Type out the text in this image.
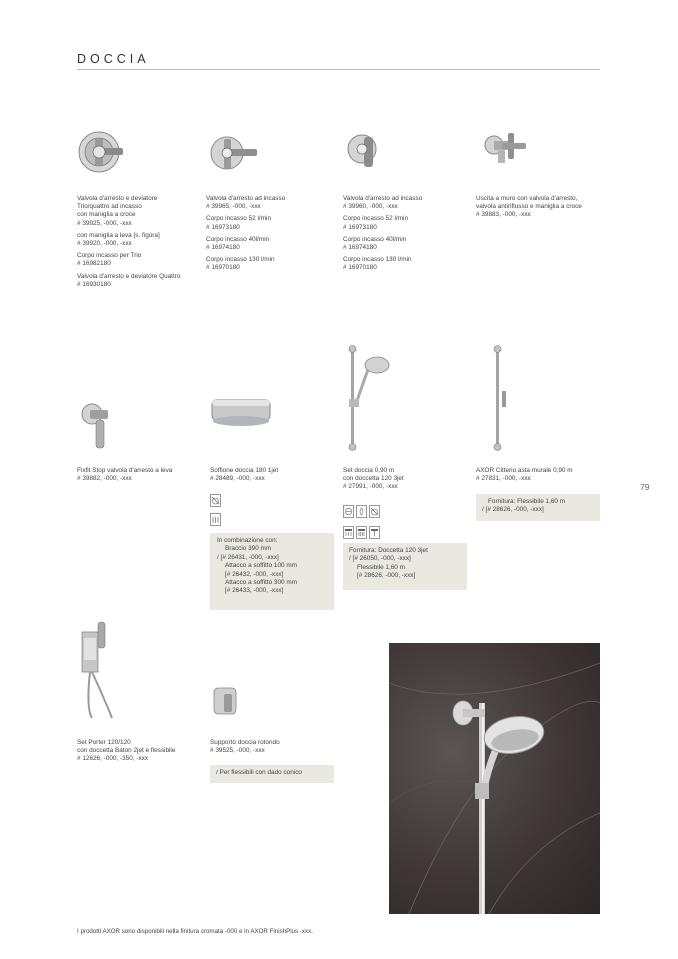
DOCCIA

Valvola d'arresto e deviatore

Trio/quattro ad incasso

con maniglia a croce

# 39925, -000, -xxx

con maniglia a leva [s. figura]

# 39920, -000, -xxx

Corpo incasso per Trio

# 16982180

Valvola d'arresto e deviatore Quattro

# 16930180

Valvola d'arresto ad incasso

# 39965, -000, -xxx

Corpo incasso 52 l/min

# 16973180

Corpo incasso 40l/min

# 16974180

Corpo incasso 130 l/min

# 16970180

Valvola d'arresto ad incasso

# 39960, -000, -xxx

Corpo incasso 52 l/min

# 16973180

Corpo incasso 40l/min

# 16974180

Corpo incasso 130 l/min

# 16970180

Uscita a muro con valvola d'arresto,

valvola antiriflusso e maniglia a croce

# 39883, -000, -xxx

Fixfit Stop valvola d'arresto a leva

# 39882, -000, -xxx

Soffione doccia 180 1jet

# 28489, -000, -xxx

Set doccia 0,90 m

con doccetta 120 3jet

# 27991, -000, -xxx

AXOR Citterio asta murale 0,90 m

# 27831, -000, -xxx

In combinazione con:

Braccio 390 mm

/ [# 26431, -000, -xxx]

Attacco a soffitto 100 mm

[# 26432, -000, -xxx]

Attacco a soffitto 300 mm

[# 26433, -000, -xxx]

Fornitura: Doccetta 120 3jet

/ [# 26050, -000, -xxx]

Flessibile 1,60 m

[# 28626, -000, -xxx]

Fornitura: Flessibile 1,60 m

/ [# 28626, -000, -xxx]

79

Set Porter 120/120

con doccetta Baton 2jet e flessibile

# 12626, -000, -350, -xxx

Supporto doccia rotondo

# 39525, -000, -xxx

/ Per flessibili con dado conico

I prodotti AXOR sono disponibili nella finitura cromata -000 e in AXOR FinishPlus -xxx.
